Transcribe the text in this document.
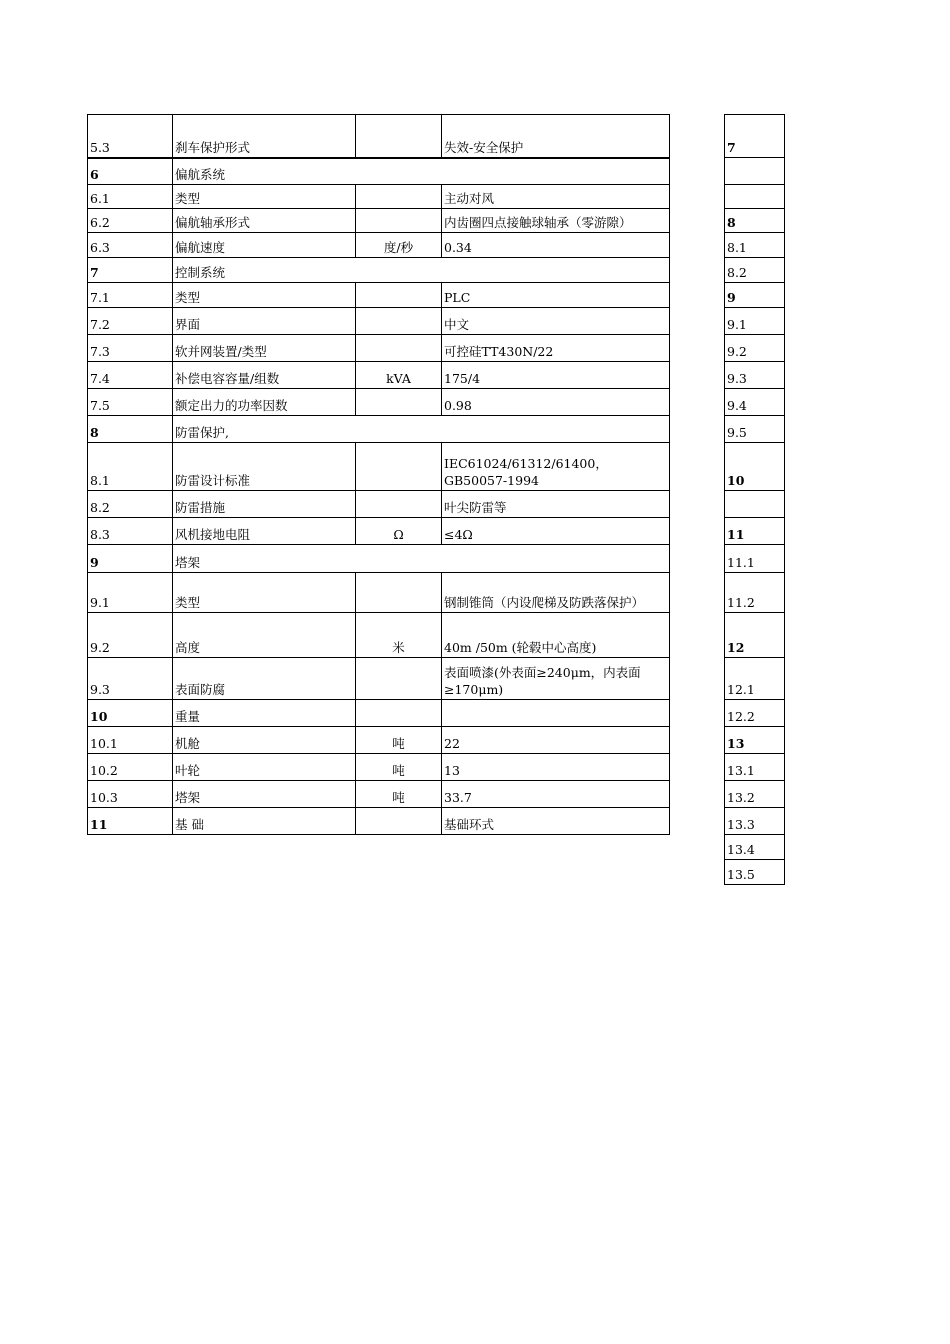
5.3	刹车保护形式		失效-安全保护
6	偏航系统		
6.1	类型		主动对风
6.2	偏航轴承形式		内齿圈四点接触球轴承（零游隙）
6.3	偏航速度	度/秒	0.34
7	控制系统		
7.1	类型		PLC
7.2	界面		中文
7.3	软并网装置/类型		可控硅TT430N/22
7.4	补偿电容容量/组数	kVA	175/4
7.5	额定出力的功率因数		0.98
8	防雷保护,		
8.1	防雷设计标准		IEC61024/61312/61400，GB50057-1994
8.2	防雷措施		叶尖防雷等
8.3	风机接地电阻	Ω	≤4Ω
9	塔架		
9.1	类型		钢制锥筒（内设爬梯及防跌落保护）
9.2	高度	米	40m /50m (轮毂中心高度)
9.3	表面防腐		表面喷漆(外表面≥240μm，内表面≥170μm)
10	重量		
10.1	机舱	吨	22
10.2	叶轮	吨	13
10.3	塔架	吨	33.7
11	基 础		基础环式
7

8
8.1
8.2
9
9.1
9.2
9.3
9.4
9.5
10

11
11.1
11.2
12
12.1
12.2
13
13.1
13.2
13.3
13.4
13.5
